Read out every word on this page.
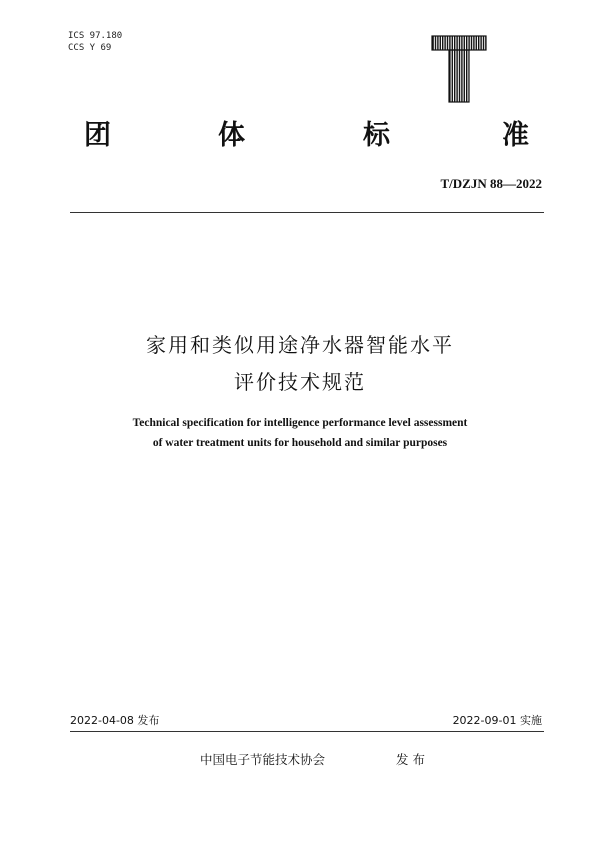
ICS 97.180
CCS Y 69
团	体	标	准
T/DZJN 88—2022
家用和类似用途净水器智能水平
评价技术规范
Technical specification for intelligence performance level assessment
of water treatment units for household and similar purposes
2022-04-08 发布	2022-09-01 实施
中国电子节能技术协会	发 布
